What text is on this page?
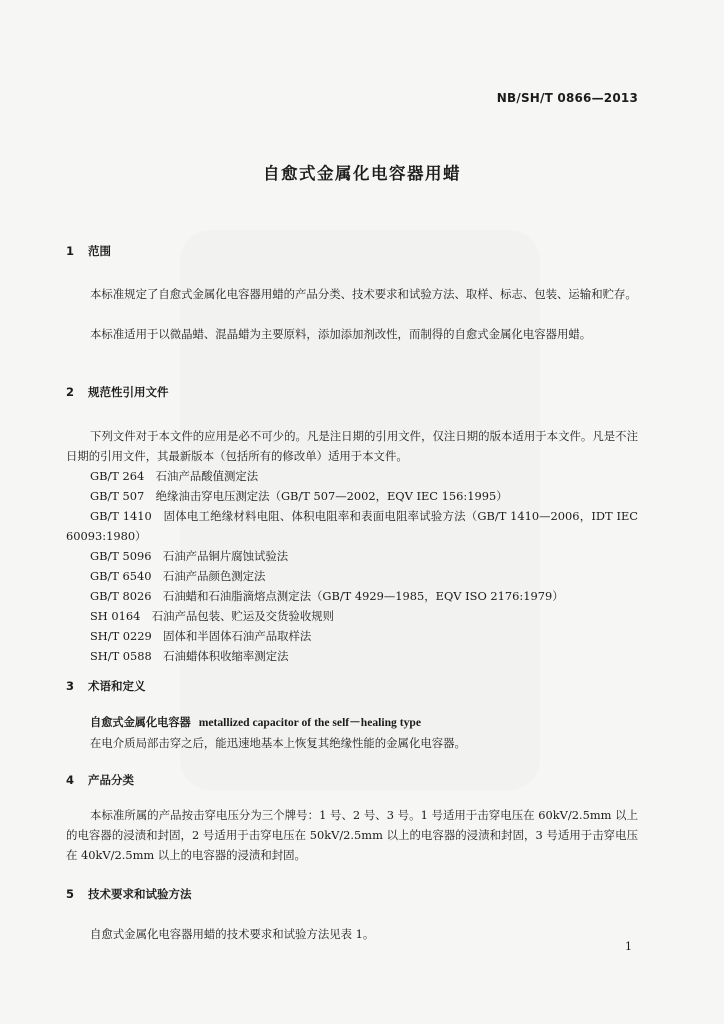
NB/SH/T 0866—2013
自愈式金属化电容器用蜡
1 范围
本标准规定了自愈式金属化电容器用蜡的产品分类、技术要求和试验方法、取样、标志、包装、运输和贮存。
本标准适用于以微晶蜡、混晶蜡为主要原料，添加添加剂改性，而制得的自愈式金属化电容器用蜡。
2 规范性引用文件
下列文件对于本文件的应用是必不可少的。凡是注日期的引用文件，仅注日期的版本适用于本文件。凡是不注日期的引用文件，其最新版本（包括所有的修改单）适用于本文件。
GB/T 264　石油产品酸值测定法
GB/T 507　绝缘油击穿电压测定法（GB/T 507—2002，EQV IEC 156:1995）
GB/T 1410　固体电工绝缘材料电阻、体积电阻率和表面电阻率试验方法（GB/T 1410—2006，IDT IEC 60093:1980）
GB/T 5096　石油产品铜片腐蚀试验法
GB/T 6540　石油产品颜色测定法
GB/T 8026　石油蜡和石油脂滴熔点测定法（GB/T 4929—1985，EQV ISO 2176:1979）
SH 0164　石油产品包装、贮运及交货验收规则
SH/T 0229　固体和半固体石油产品取样法
SH/T 0588　石油蜡体积收缩率测定法
3 术语和定义
自愈式金属化电容器 metallized capacitor of the self－healing type
在电介质局部击穿之后，能迅速地基本上恢复其绝缘性能的金属化电容器。
4 产品分类
本标准所属的产品按击穿电压分为三个牌号：1 号、2 号、3 号。1 号适用于击穿电压在 60kV/2.5mm 以上的电容器的浸渍和封固，2 号适用于击穿电压在 50kV/2.5mm 以上的电容器的浸渍和封固，3 号适用于击穿电压在 40kV/2.5mm 以上的电容器的浸渍和封固。
5 技术要求和试验方法
自愈式金属化电容器用蜡的技术要求和试验方法见表 1。
1
